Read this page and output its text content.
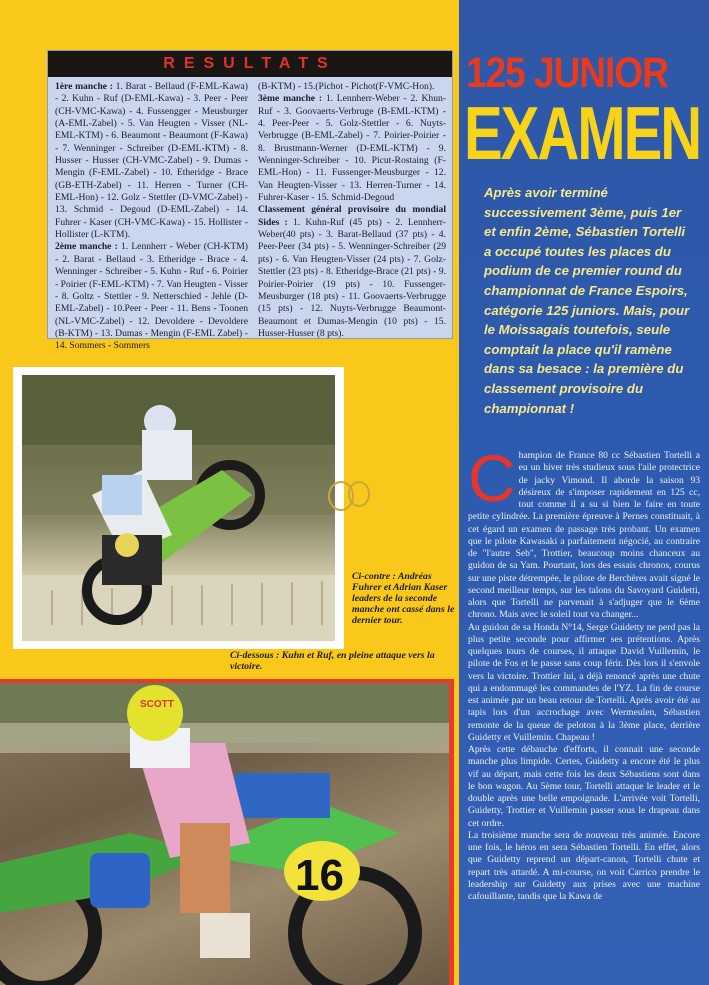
RESULTATS
1ère manche : 1. Barat - Bellaud (F-EML-Kawa) - 2. Kuhn - Ruf (D-EML-Kawa) - 3. Peer - Peer (CH-VMC-Kawa) - 4. Fussengger - Meusburger (A-EML-Zabel) - 5. Van Heugten - Visser (NL-EML-KTM) - 6. Beaumont - Beaumont (F-Kawa) - 7. Wenninger - Schreiber (D-EML-KTM) - 8. Husser - Husser (CH-VMC-Zabel) - 9. Dumas - Mengin (F-EML-Zabel) - 10. Etheridge - Brace (GB-ETH-Zabel) - 11. Herren - Turner (CH-EML-Hon) - 12. Golz - Stettler (D-VMC-Zabel) - 13. Schmid - Degoud (D-EML-Zabel) - 14. Fuhrer - Kaser (CH-VMC-Kawa) - 15. Hollister - Hollister (L-KTM).
2ème manche : 1. Lennherr - Weber (CH-KTM) - 2. Barat - Bellaud - 3. Etheridge - Brace - 4. Wenninger - Schreiber - 5. Kuhn - Ruf - 6. Poirier - Poirier (F-EML-KTM) - 7. Van Heugten - Visser - 8. Goltz - Stettler - 9. Netterschied - Jehle (D-EML-Zabel) - 10.Peer - Peer - 11. Bens - Toonen (NL-VMC-Zabel) - 12. Devoldere - Devoldere (B-KTM) - 13. Dumas - Mengin (F-EML Zabel) - 14. Sommers - Sommers
(B-KTM) - 15.(Pichot - Pichot(F-VMC-Hon).
3ème manche : 1. Lennherr-Weber - 2. Khun-Ruf - 3. Goovaerts-Verbruge (B-EML-KTM) - 4. Peer-Peer - 5. Golz-Stettler - 6. Nuyts-Verbrugge (B-EML-Zabel) - 7. Poirier-Poirier - 8. Brustmann-Werner (D-EML-KTM) - 9. Wenninger-Schreiber - 10. Picut-Rostaing (F-EML-Hon) - 11. Fussenger-Meusburger - 12. Van Heugten-Visser - 13. Herren-Turner - 14. Fuhrer-Kaser - 15. Schmid-Degoud
Classement général provisoire du mondial Sides : 1. Kuhn-Ruf (45 pts) - 2. Lennherr-Weber(40 pts) - 3. Barat-Bellaud (37 pts) - 4. Peer-Peer (34 pts) - 5. Wenninger-Schreiber (29 pts) - 6. Van Heugten-Visser (24 pts) - 7. Golz-Stettler (23 pts) - 8. Etheridge-Brace (21 pts) - 9. Poirier-Poirier (19 pts) - 10. Fussenger-Meusburger (18 pts) - 11. Goovaerts-Verbrugge (15 pts) - 12. Nuyts-Verbrugge Beaumont-Beaumont et Dumas-Mengin (10 pts) - 15. Husser-Husser (8 pts).
Ci-contre : Andréas Fuhrer et Adrian Kaser leaders de la seconde manche ont cassé dans le dernier tour.
Ci-dessous : Kuhn et Ruf, en pleine attaque vers la victoire.
16
SCOTT
125 JUNIOR
EXAMEN
Après avoir terminé successivement 3ème, puis 1er et enfin 2ème, Sébastien Tortelli a occupé toutes les places du podium de ce premier round du championnat de France Espoirs, catégorie 125 juniors. Mais, pour le Moissagais toutefois, seule comptait la place qu'il ramène dans sa besace : la première du classement provisoire du championnat !

Champion de France 80 cc Sébastien Tortelli a eu un hiver très studieux sous l'aile protectrice de jacky Vimond. Il aborde la saison 93 désireux de s'imposer rapidement en 125 cc, tout comme il a su si bien le faire en toute petite cylindrée. La première épreuve à Pernes constituait, à cet égard un examen de passage très probant. Un examen que le pilote Kawasaki a parfaitement négocié, au contraire de "l'autre Seb", Trottier, beaucoup moins chanceux au guidon de sa Yam. Pourtant, lors des essais chronos, courus sur une piste détrempée, le pilote de Berchères avait signé le second meilleur temps, sur les talons du Savoyard Guidetti, alors que Tortelli ne parvenait à s'adjuger que le 6ème chrono. Mais avec le soleil tout va changer...

Au guidon de sa Honda N°14, Serge Guidetty ne perd pas la plus petite seconde pour affirmer ses prétentions. Après quelques tours de courses, il attaque David Vuillemin, le pilote de Fos et le passe sans coup férir. Dès lors il s'envole vers la victoire. Trottier lui, a déjà renoncé après une chute qui a endommagé les commandes de l'YZ. La fin de course est animée par un beau retour de Tortelli. Après avoir été au tapis lors d'un accrochage avec Wermeulen, Sébastien remonte de la queue de peloton à la 3ème place, derrière Guidetty et Vuillemin. Chapeau !

Après cette débauche d'efforts, il connait une seconde manche plus limpide. Certes, Guidetty a encore été le plus vif au départ, mais cette fois les deux Sébastiens sont dans le bon wagon. Au 5ème tour, Tortelli attaque le leader et le double après une belle empoignade. L'arrivée voit Tortelli, Guidetty, Trottier et Vuillemin passer sous le drapeau dans cet ordre.

La troisième manche sera de nouveau très animée. Encore une fois, le héros en sera Sébastien Tortelli. En effet, alors que Guidetty reprend un départ-canon, Tortelli chute et repart très attardé. A mi-course, on voit Carrico prendre le leadership sur Guidetty aux prises avec une machine cafouillante, tandis que la Kawa de
